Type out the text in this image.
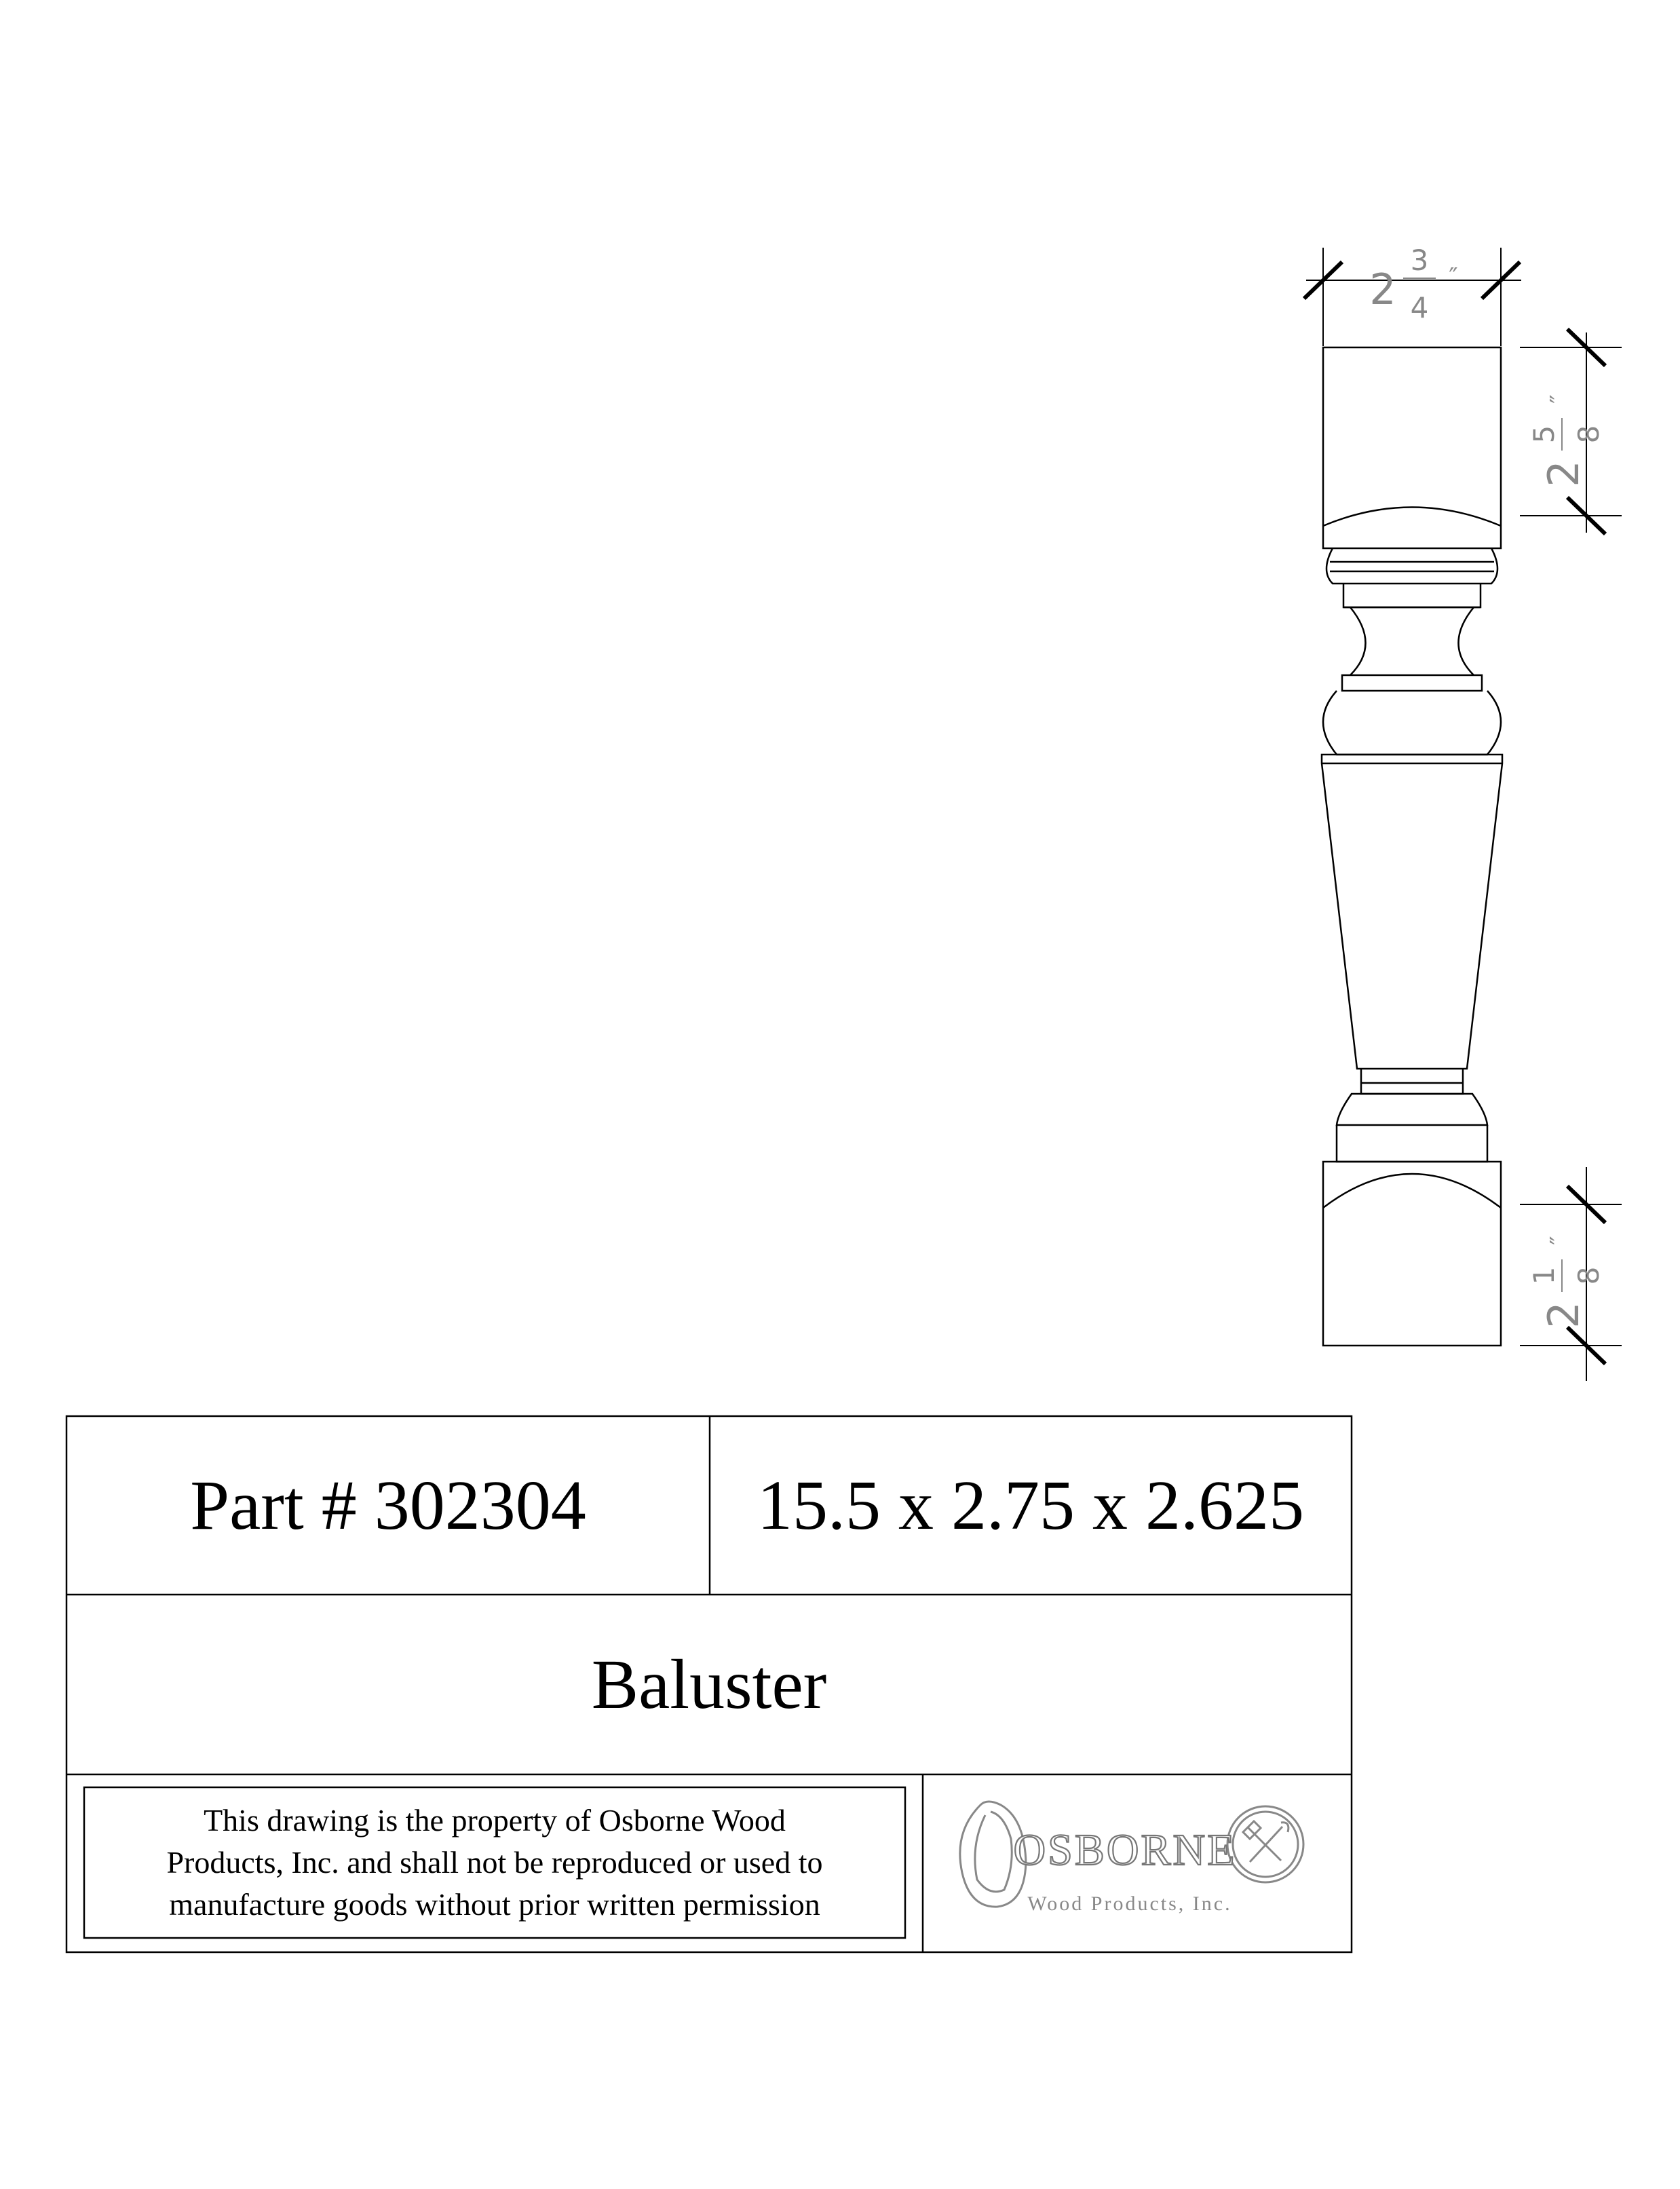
2
3
4
″
2
5 8
″
2
1 8
″
OSBORNE
Wood Products, Inc.
Part # 302304 15.5 x 2.75 x 2.625
Baluster
This drawing is the property of Osborne Wood
Products, Inc. and shall not be reproduced or used to
manufacture goods without prior written permission
